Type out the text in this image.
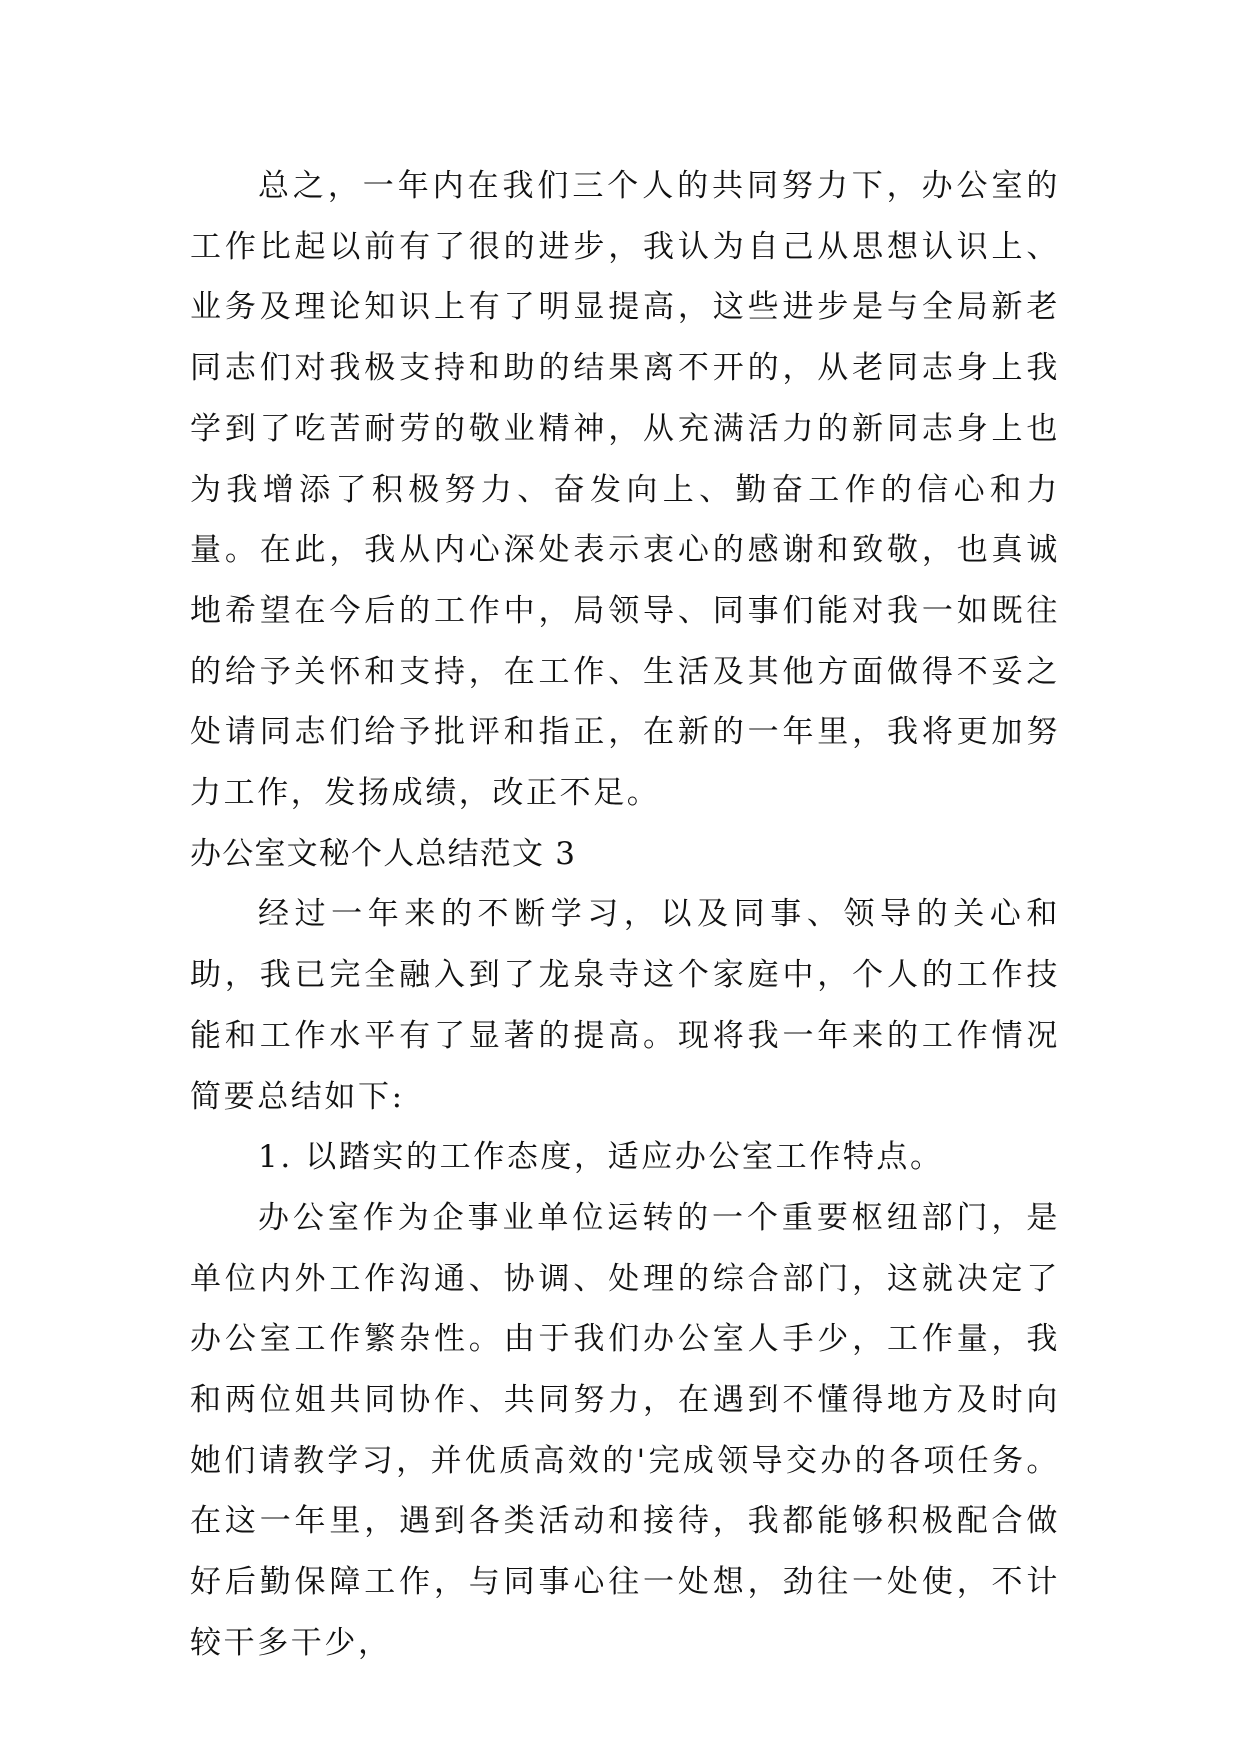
总之，一年内在我们三个人的共同努力下，办公室的工作比起以前有了很的进步，我认为自己从思想认识上、业务及理论知识上有了明显提高，这些进步是与全局新老同志们对我极支持和助的结果离不开的，从老同志身上我学到了吃苦耐劳的敬业精神，从充满活力的新同志身上也为我增添了积极努力、奋发向上、勤奋工作的信心和力量。在此，我从内心深处表示衷心的感谢和致敬，也真诚地希望在今后的工作中，局领导、同事们能对我一如既往的给予关怀和支持，在工作、生活及其他方面做得不妥之处请同志们给予批评和指正，在新的一年里，我将更加努力工作，发扬成绩，改正不足。

办公室文秘个人总结范文 3

经过一年来的不断学习，以及同事、领导的关心和助，我已完全融入到了龙泉寺这个家庭中，个人的工作技能和工作水平有了显著的提高。现将我一年来的工作情况简要总结如下:

1. 以踏实的工作态度，适应办公室工作特点。

办公室作为企事业单位运转的一个重要枢纽部门，是单位内外工作沟通、协调、处理的综合部门，这就决定了办公室工作繁杂性。由于我们办公室人手少，工作量，我和两位姐共同协作、共同努力，在遇到不懂得地方及时向她们请教学习，并优质高效的'完成领导交办的各项任务。在这一年里，遇到各类活动和接待，我都能够积极配合做好后勤保障工作，与同事心往一处想，劲往一处使，不计较干多干少，
